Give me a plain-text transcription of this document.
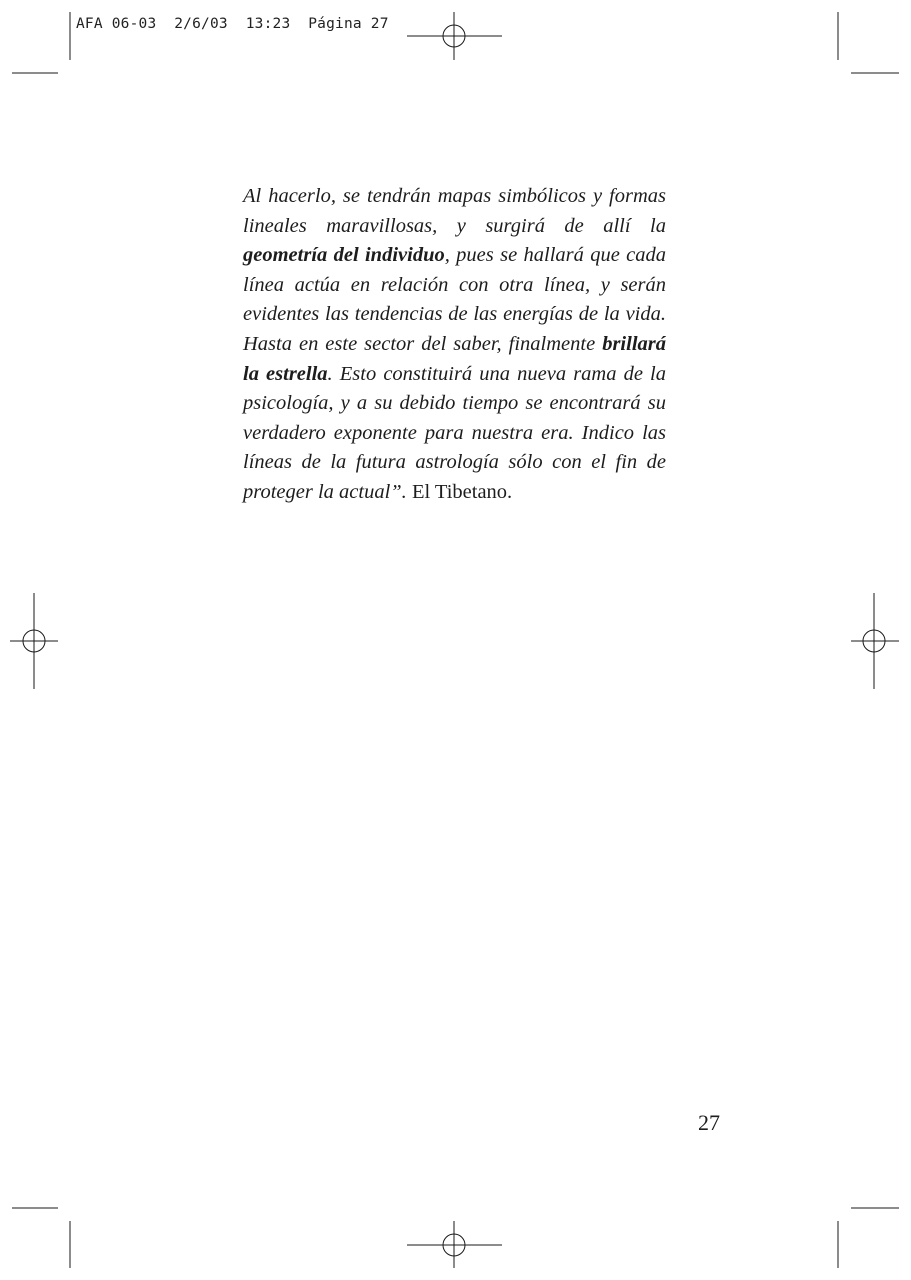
AFA 06-03 2/6/03 13:23 Página 27
Al hacerlo, se tendrán mapas simbólicos y formas lineales maravillosas, y surgirá de allí la geometría del individuo, pues se hallará que cada línea actúa en relación con otra línea, y serán evidentes las tendencias de las energías de la vida. Hasta en este sector del saber, finalmente brillará la estrella. Esto constituirá una nueva rama de la psicología, y a su debido tiempo se encontrará su verdadero exponente para nuestra era. Indico las líneas de la futura astrología sólo con el fin de proteger la actual”. El Tibetano.
27
